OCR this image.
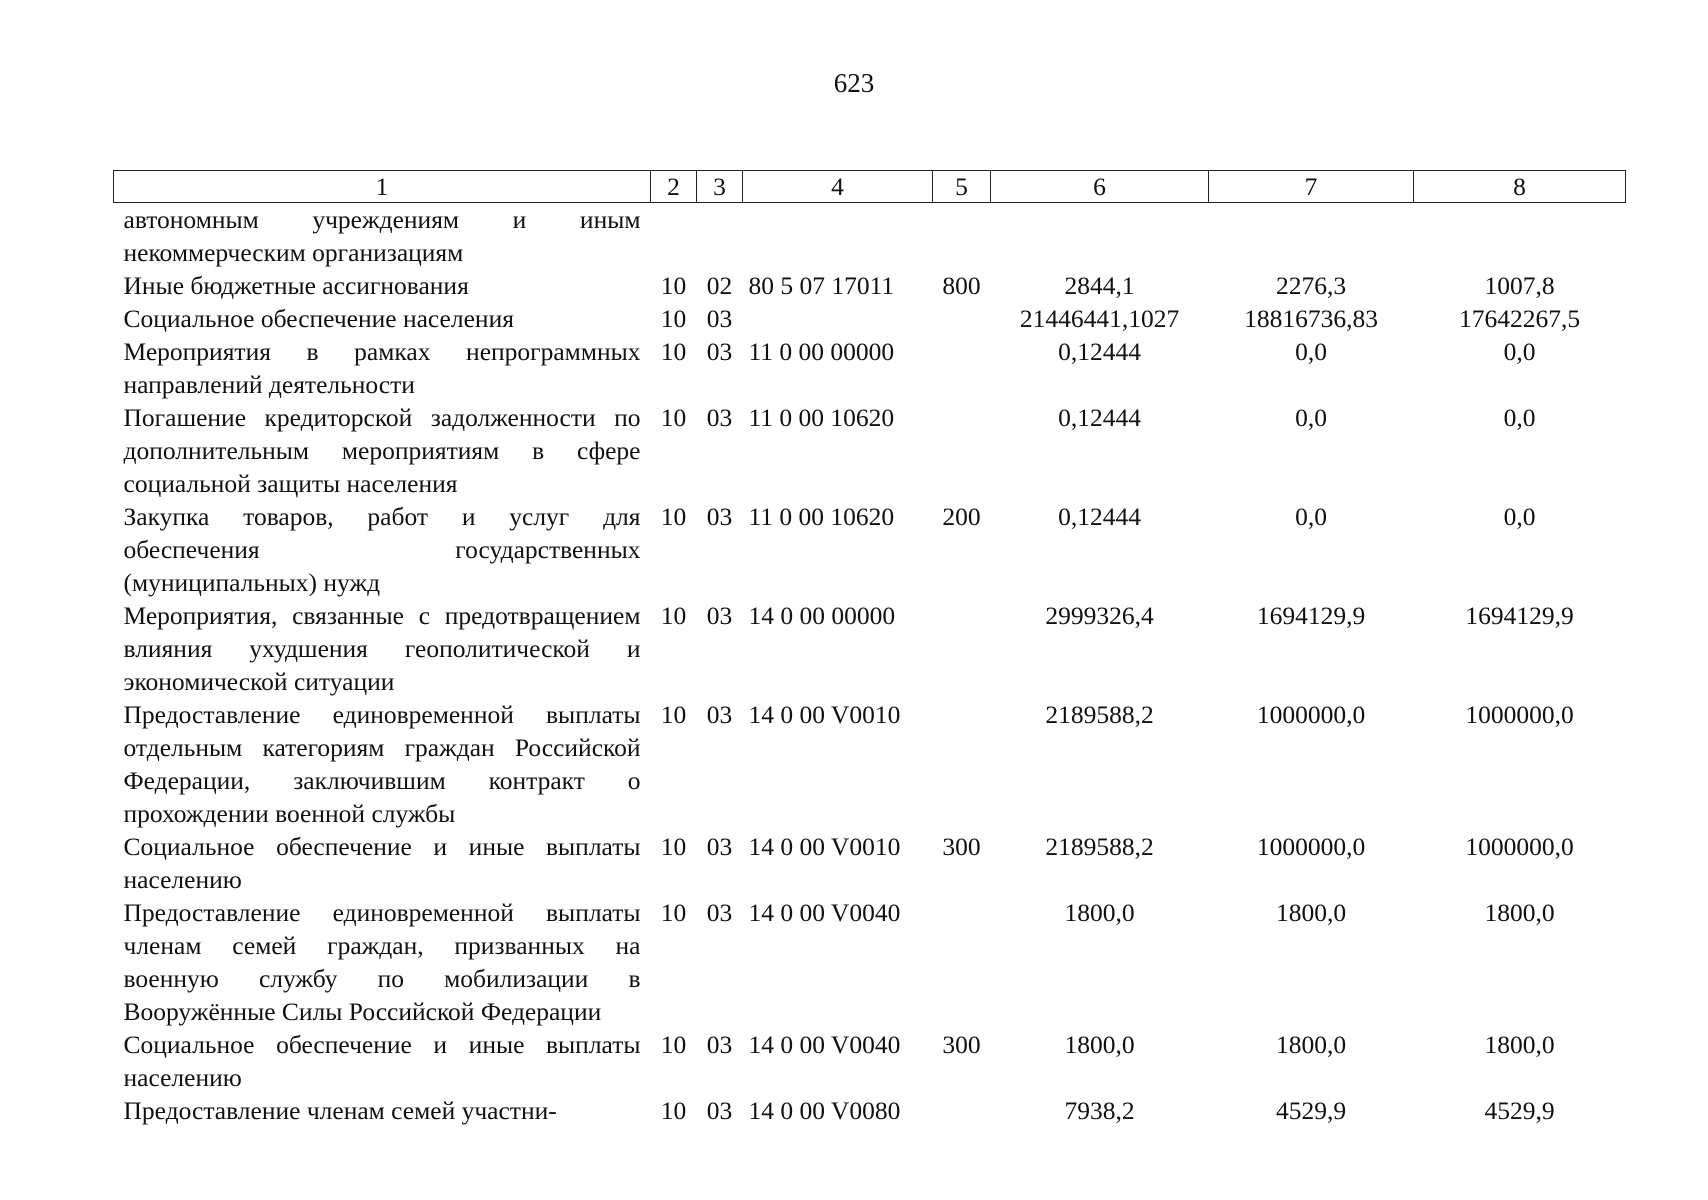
623
1	2	3	4	5	6	7	8
автономным учреждениям и иным некоммерческим организациям							
Иные бюджетные ассигнования	10	02	80 5 07 17011	800	2844,1	2276,3	1007,8
Социальное обеспечение населения	10	03			21446441,1027	18816736,83	17642267,5
Мероприятия в рамках непрограммных направлений деятельности	10	03	11 0 00 00000		0,12444	0,0	0,0
Погашение кредиторской задолженности по дополнительным мероприятиям в сфере социальной защиты населения	10	03	11 0 00 10620		0,12444	0,0	0,0
Закупка товаров, работ и услуг для обеспечения государственных (муниципальных) нужд	10	03	11 0 00 10620	200	0,12444	0,0	0,0
Мероприятия, связанные с предотвращением влияния ухудшения геополитической и экономической ситуации	10	03	14 0 00 00000		2999326,4	1694129,9	1694129,9
Предоставление единовременной выплаты отдельным категориям граждан Российской Федерации, заключившим контракт о прохождении военной службы	10	03	14 0 00 V0010		2189588,2	1000000,0	1000000,0
Социальное обеспечение и иные выплаты населению	10	03	14 0 00 V0010	300	2189588,2	1000000,0	1000000,0
Предоставление единовременной выплаты членам семей граждан, призванных на военную службу по мобилизации в Вооружённые Силы Российской Федерации	10	03	14 0 00 V0040		1800,0	1800,0	1800,0
Социальное обеспечение и иные выплаты населению	10	03	14 0 00 V0040	300	1800,0	1800,0	1800,0
Предоставление членам семей участни-	10	03	14 0 00 V0080		7938,2	4529,9	4529,9
